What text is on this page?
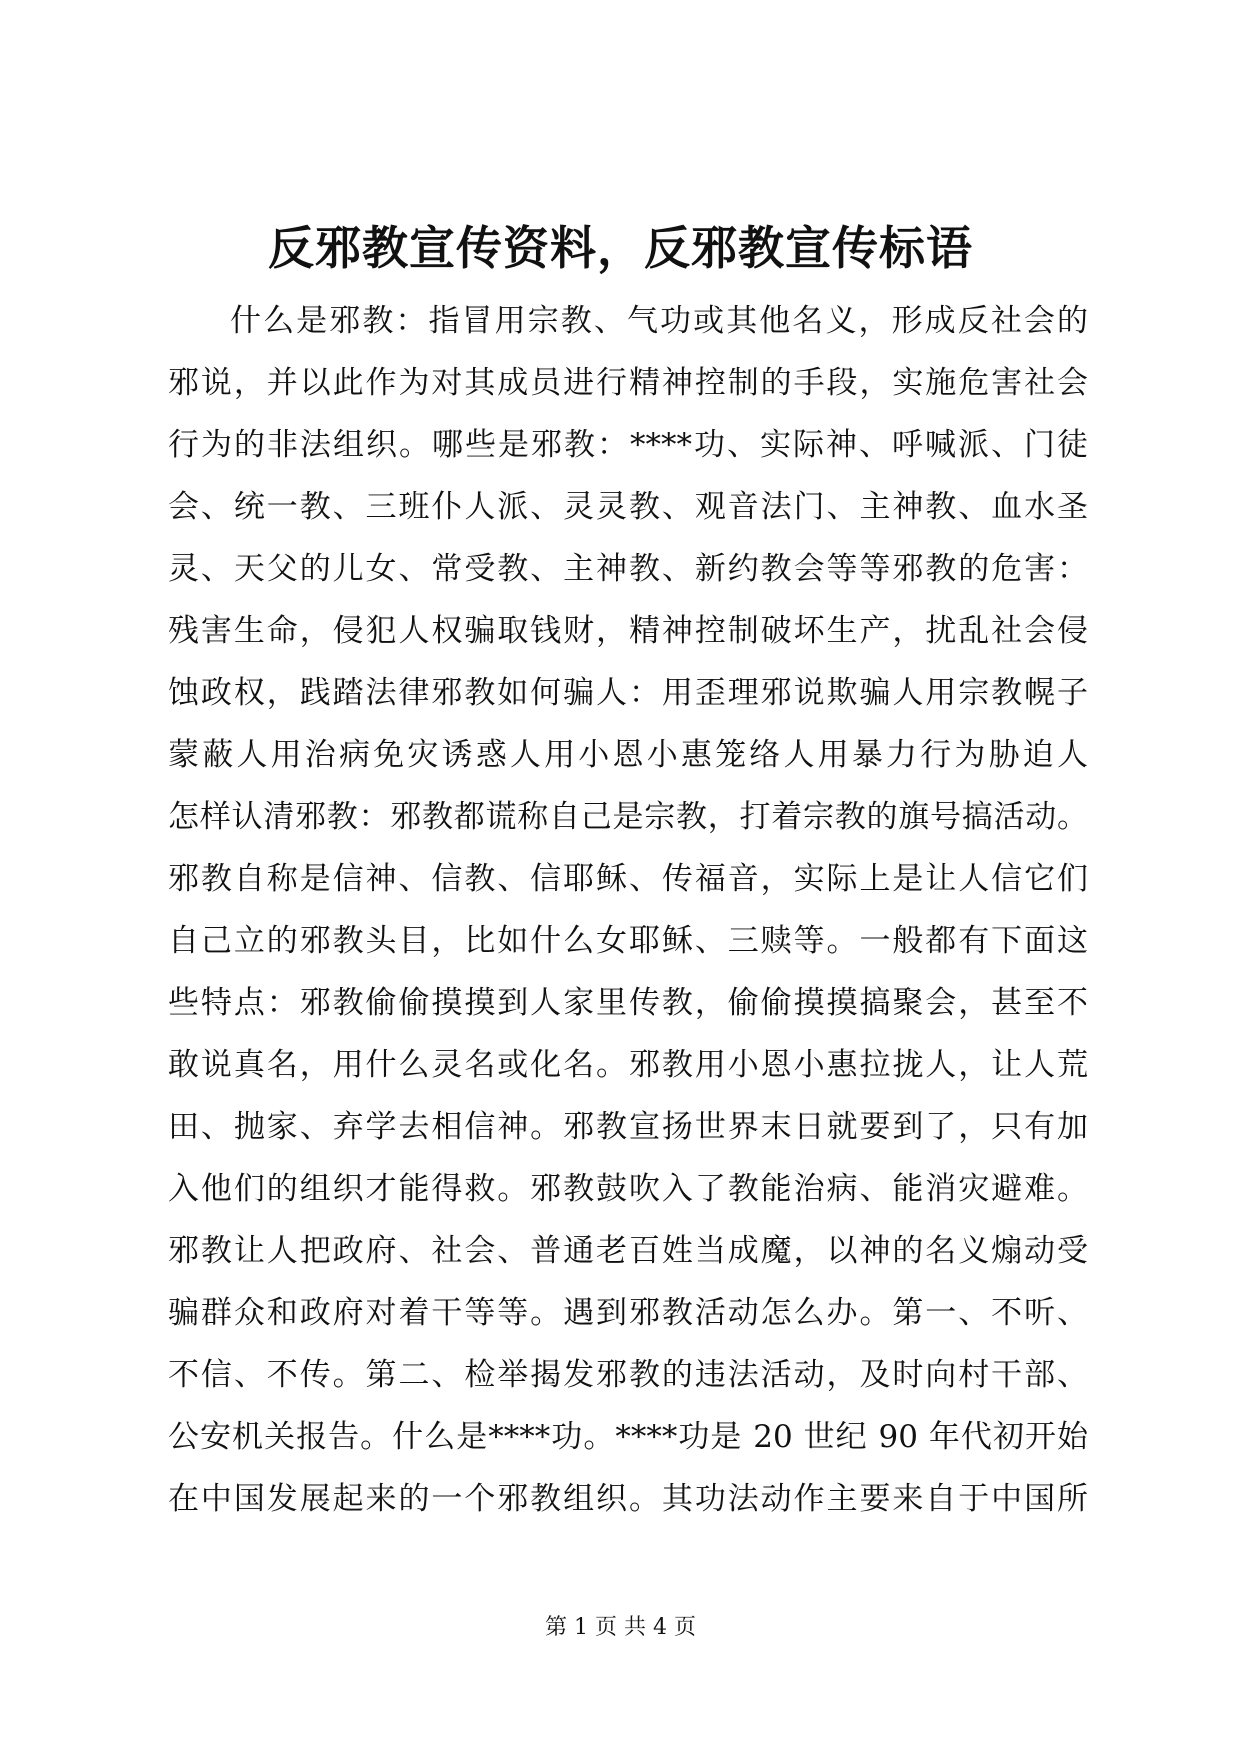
反邪教宣传资料，反邪教宣传标语
什么是邪教：指冒用宗教、气功或其他名义，形成反社会的
邪说，并以此作为对其成员进行精神控制的手段，实施危害社会
行为的非法组织。哪些是邪教：****功、实际神、呼喊派、门徒
会、统一教、三班仆人派、灵灵教、观音法门、主神教、血水圣
灵、天父的儿女、常受教、主神教、新约教会等等邪教的危害：
残害生命，侵犯人权骗取钱财，精神控制破坏生产，扰乱社会侵
蚀政权，践踏法律邪教如何骗人：用歪理邪说欺骗人用宗教幌子
蒙蔽人用治病免灾诱惑人用小恩小惠笼络人用暴力行为胁迫人
怎样认清邪教：邪教都谎称自己是宗教，打着宗教的旗号搞活动。
邪教自称是信神、信教、信耶稣、传福音，实际上是让人信它们
自己立的邪教头目，比如什么女耶稣、三赎等。一般都有下面这
些特点：邪教偷偷摸摸到人家里传教，偷偷摸摸搞聚会，甚至不
敢说真名，用什么灵名或化名。邪教用小恩小惠拉拢人，让人荒
田、抛家、弃学去相信神。邪教宣扬世界末日就要到了，只有加
入他们的组织才能得救。邪教鼓吹入了教能治病、能消灾避难。
邪教让人把政府、社会、普通老百姓当成魔，以神的名义煽动受
骗群众和政府对着干等等。遇到邪教活动怎么办。第一、不听、
不信、不传。第二、检举揭发邪教的违法活动，及时向村干部、
公安机关报告。什么是****功。****功是 20 世纪 90 年代初开始
在中国发展起来的一个邪教组织。其功法动作主要来自于中国所
第 1 页 共 4 页
